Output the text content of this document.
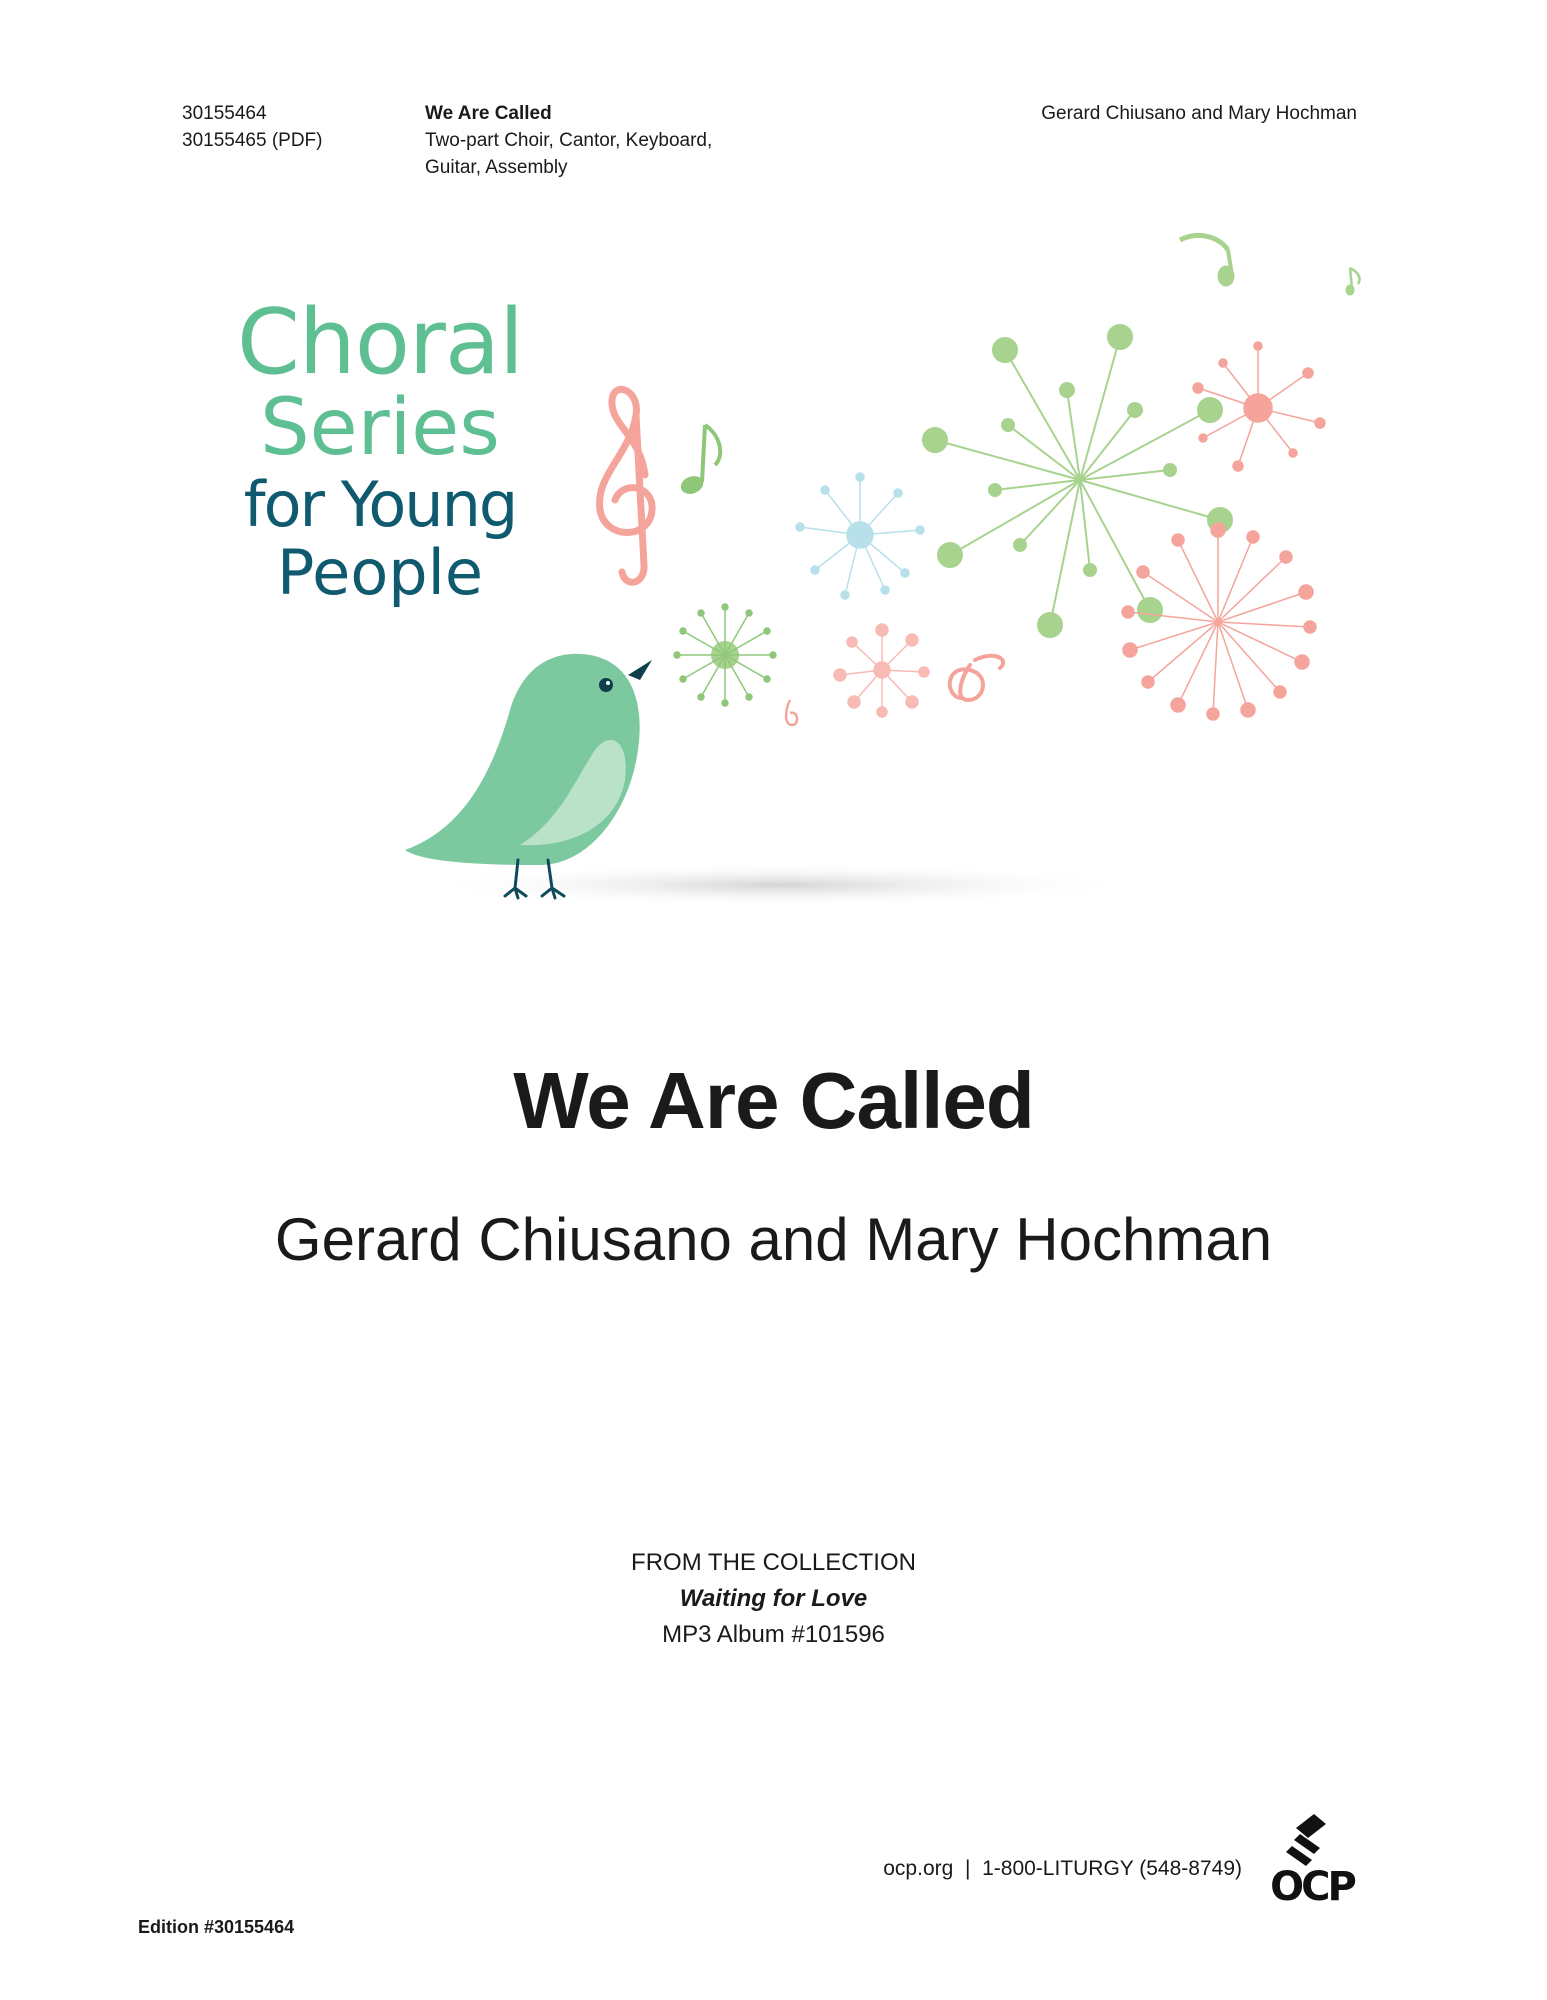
30155464
30155465 (PDF)
We Are Called
Two-part Choir, Cantor, Keyboard,
Guitar, Assembly
Gerard Chiusano and Mary Hochman
Choral
Series
for Young
People
We Are Called
Gerard Chiusano and Mary Hochman
FROM THE COLLECTION
Waiting for Love
MP3 Album #101596
ocp.org  |  1-800-LITURGY (548-8749) OCP
Edition #30155464
